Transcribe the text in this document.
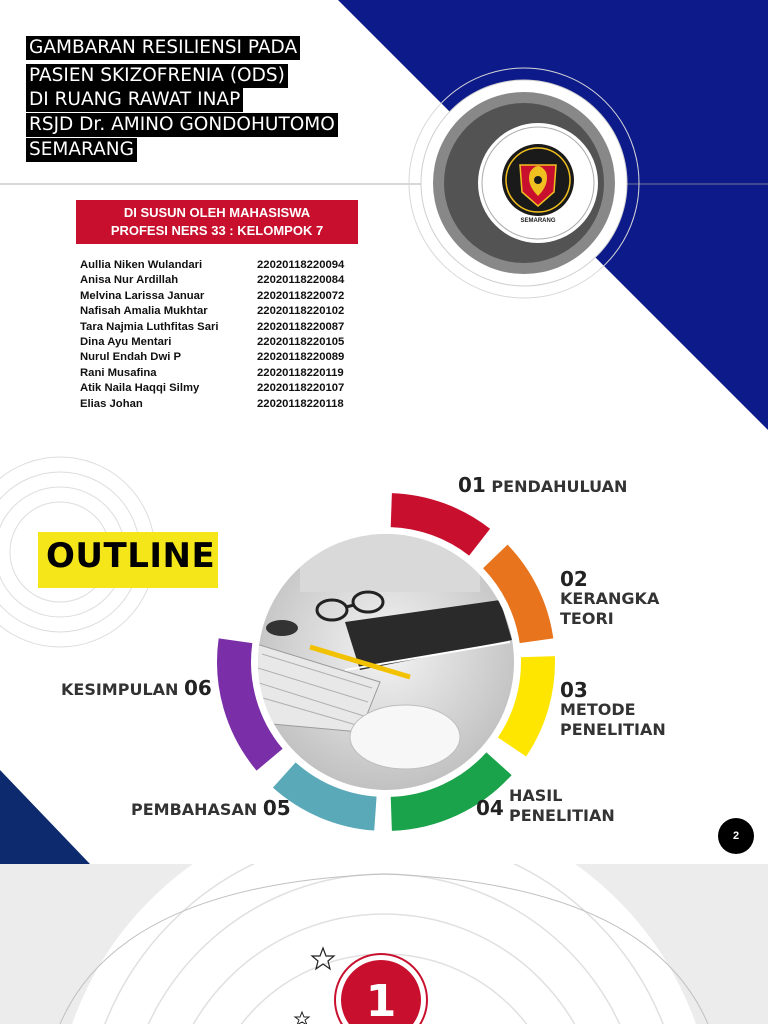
SEMARANG
GAMBARAN RESILIENSI PADA
PASIEN SKIZOFRENIA (ODS)
DI RUANG RAWAT INAP
RSJD Dr. AMINO GONDOHUTOMO
SEMARANG
DI SUSUN OLEH MAHASISWA
PROFESI NERS 33 : KELOMPOK 7
Aullia Niken Wulandari	22020118220094
Anisa Nur Ardillah	22020118220084
Melvina Larissa Januar	22020118220072
Nafisah Amalia Mukhtar	22020118220102
Tara Najmia Luthfitas Sari	22020118220087
Dina Ayu Mentari	22020118220105
Nurul Endah Dwi P	22020118220089
Rani Musafina	22020118220119
Atik Naila Haqqi Silmy	22020118220107
Elias Johan	22020118220118
OUTLINE
01 PENDAHULUAN
02
KERANGKA
TEORI
03
METODE
PENELITIAN
04
HASIL
PENELITIAN
PEMBAHASAN 05
KESIMPULAN 06
2
1
